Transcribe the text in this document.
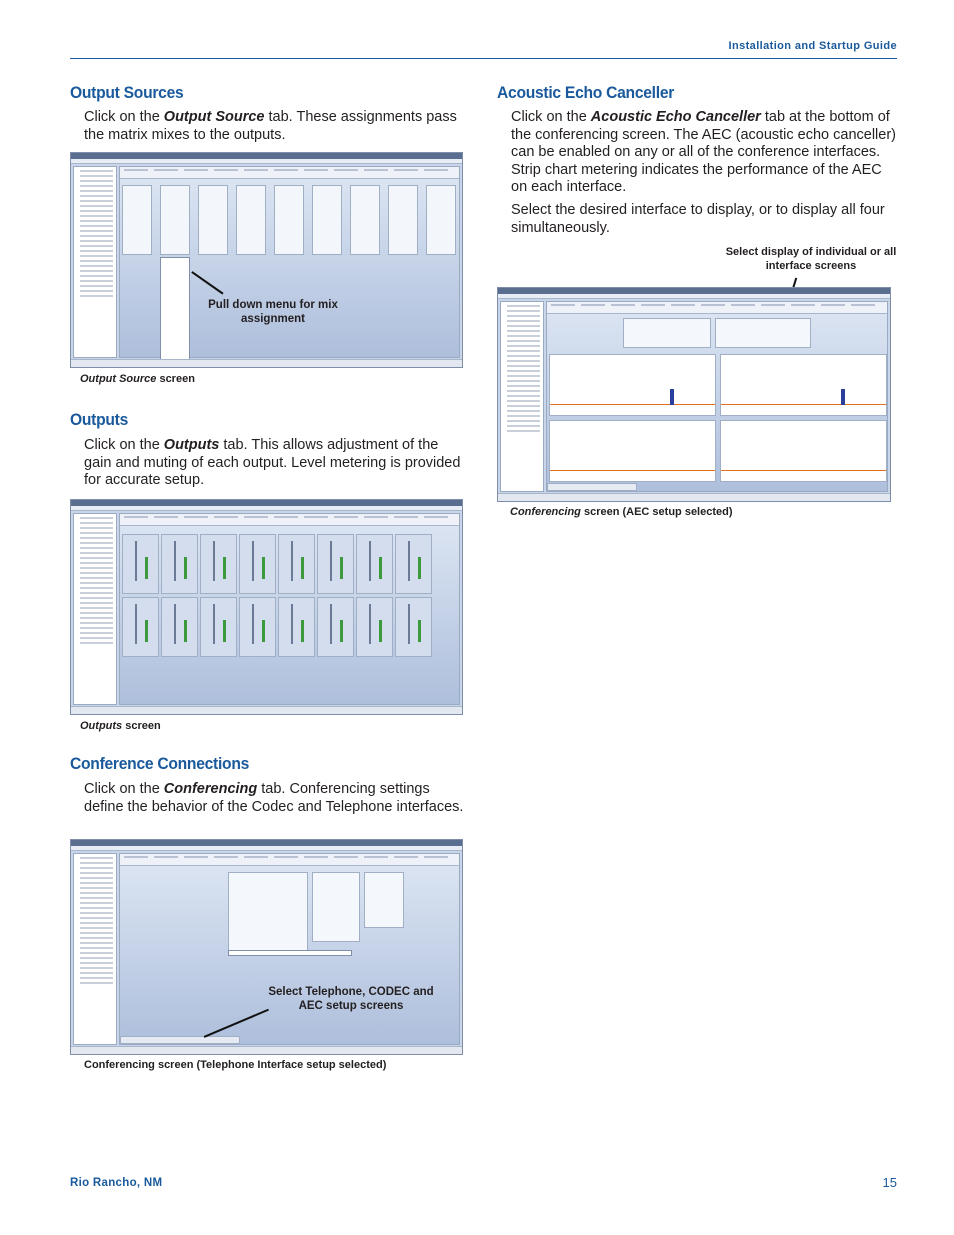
Installation and Startup Guide
Output Sources
Click on the Output Source tab. These assignments pass the matrix mixes to the outputs.
Pull down menu for mix assignment
Output Source screen
Outputs
Click on the Outputs tab. This allows adjustment of the gain and muting of each output. Level metering is provided for accurate setup.
Outputs screen
Conference Connections
Click on the Conferencing tab. Conferencing settings define the behavior of the Codec and Telephone interfaces.
Select Telephone, CODEC and AEC setup screens
Conferencing screen (Telephone Interface setup selected)
Acoustic Echo Canceller
Click on the Acoustic Echo Canceller tab at the bottom of the conferencing screen. The AEC (acoustic echo canceller) can be enabled on any or all of the conference interfaces. Strip chart metering indicates the performance of the AEC on each interface.
Select the desired interface to display, or to display all four simultaneously.
Select display of individual or all interface screens
Conferencing screen (AEC setup selected)
Rio Rancho, NM	15
